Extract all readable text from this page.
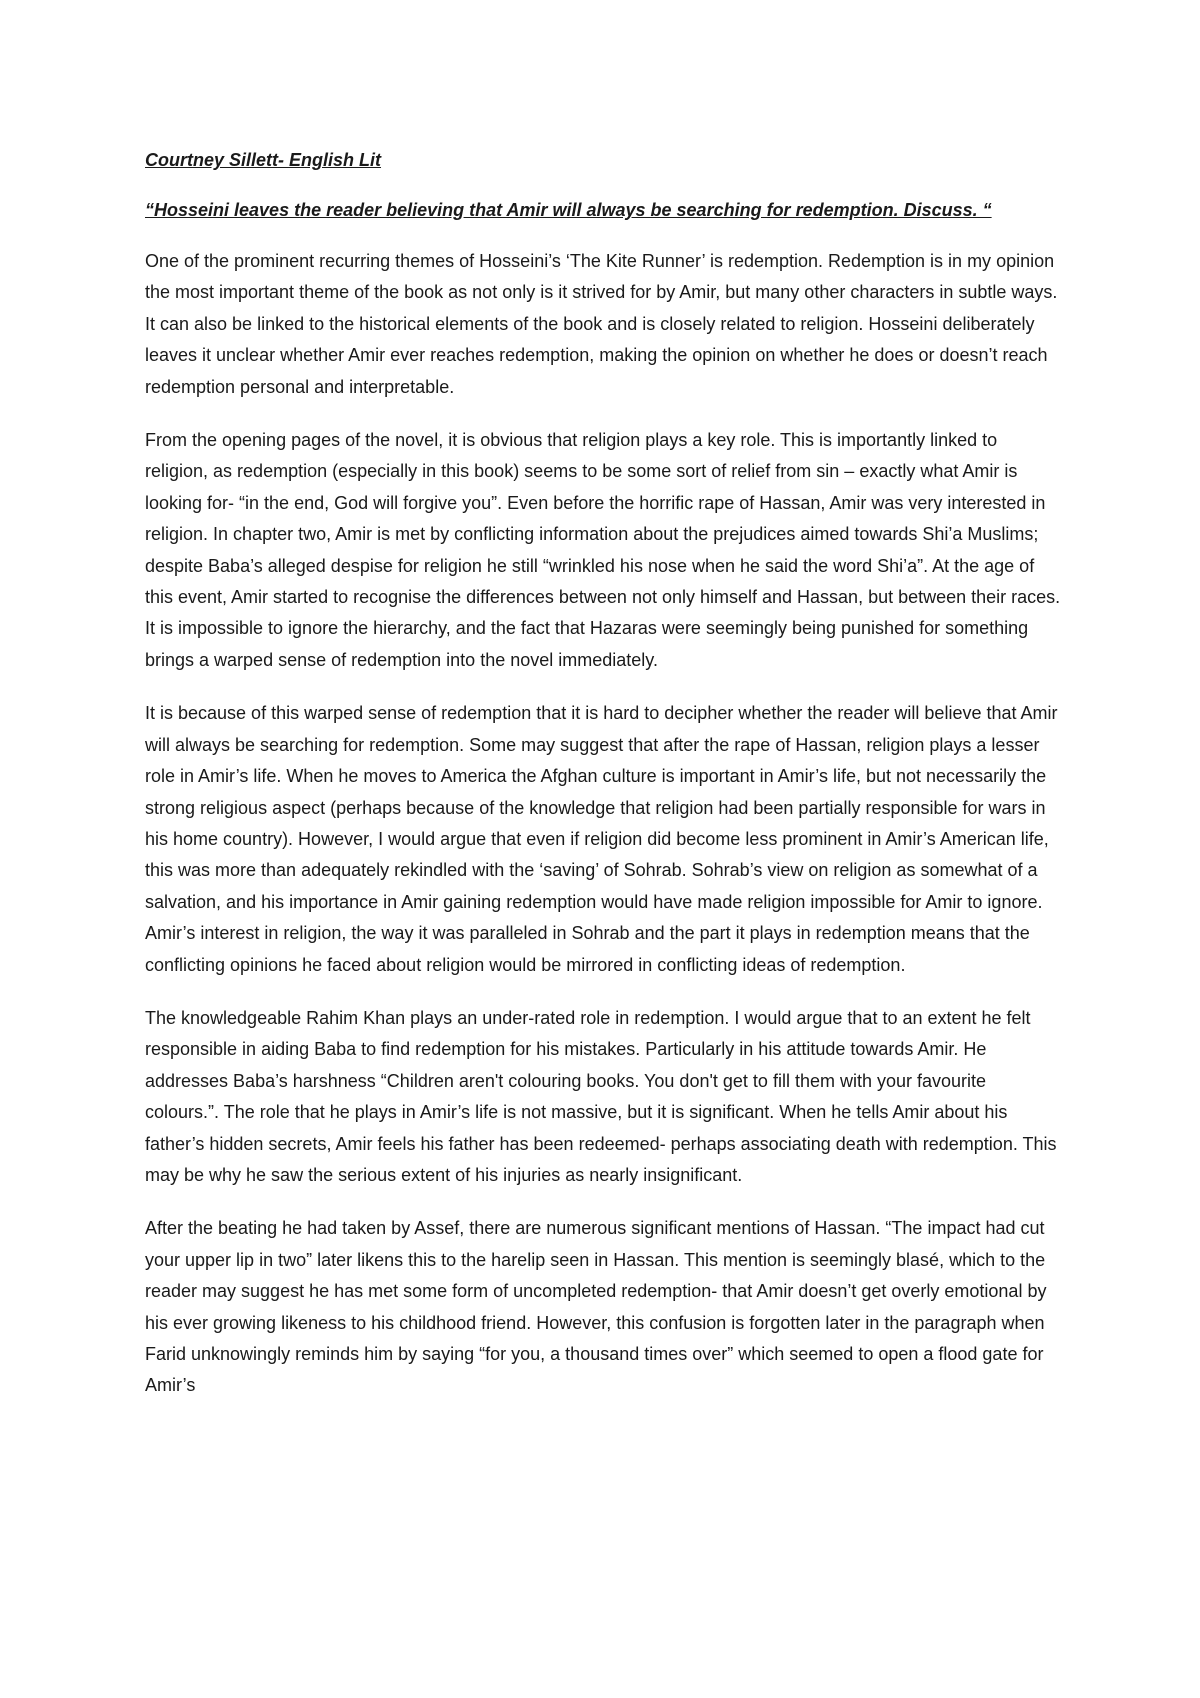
Courtney Sillett- English Lit

“Hosseini leaves the reader believing that Amir will always be searching for redemption. Discuss. “

One of the prominent recurring themes of Hosseini’s ‘The Kite Runner’ is redemption. Redemption is in my opinion the most important theme of the book as not only is it strived for by Amir, but many other characters in subtle ways. It can also be linked to the historical elements of the book and is closely related to religion. Hosseini deliberately leaves it unclear whether Amir ever reaches redemption, making the opinion on whether he does or doesn’t reach redemption personal and interpretable.

From the opening pages of the novel, it is obvious that religion plays a key role. This is importantly linked to religion, as redemption (especially in this book) seems to be some sort of relief from sin – exactly what Amir is looking for- “in the end, God will forgive you”. Even before the horrific rape of Hassan, Amir was very interested in religion. In chapter two, Amir is met by conflicting information about the prejudices aimed towards Shi’a Muslims; despite Baba’s alleged despise for religion he still “wrinkled his nose when he said the word Shi’a”. At the age of this event, Amir started to recognise the differences between not only himself and Hassan, but between their races. It is impossible to ignore the hierarchy, and the fact that Hazaras were seemingly being punished for something brings a warped sense of redemption into the novel immediately.

It is because of this warped sense of redemption that it is hard to decipher whether the reader will believe that Amir will always be searching for redemption. Some may suggest that after the rape of Hassan, religion plays a lesser role in Amir’s life. When he moves to America the Afghan culture is important in Amir’s life, but not necessarily the strong religious aspect (perhaps because of the knowledge that religion had been partially responsible for wars in his home country). However, I would argue that even if religion did become less prominent in Amir’s American life, this was more than adequately rekindled with the ‘saving’ of Sohrab. Sohrab’s view on religion as somewhat of a salvation, and his importance in Amir gaining redemption would have made religion impossible for Amir to ignore. Amir’s interest in religion, the way it was paralleled in Sohrab and the part it plays in redemption means that the conflicting opinions he faced about religion would be mirrored in conflicting ideas of redemption.

The knowledgeable Rahim Khan plays an under-rated role in redemption. I would argue that to an extent he felt responsible in aiding Baba to find redemption for his mistakes. Particularly in his attitude towards Amir. He addresses Baba’s harshness “Children aren't colouring books. You don't get to fill them with your favourite colours.”. The role that he plays in Amir’s life is not massive, but it is significant. When he tells Amir about his father’s hidden secrets, Amir feels his father has been redeemed- perhaps associating death with redemption. This may be why he saw the serious extent of his injuries as nearly insignificant.

After the beating he had taken by Assef, there are numerous significant mentions of Hassan. “The impact had cut your upper lip in two” later likens this to the harelip seen in Hassan. This mention is seemingly blasé, which to the reader may suggest he has met some form of uncompleted redemption- that Amir doesn’t get overly emotional by his ever growing likeness to his childhood friend. However, this confusion is forgotten later in the paragraph when Farid unknowingly reminds him by saying “for you, a thousand times over” which seemed to open a flood gate for Amir’s
